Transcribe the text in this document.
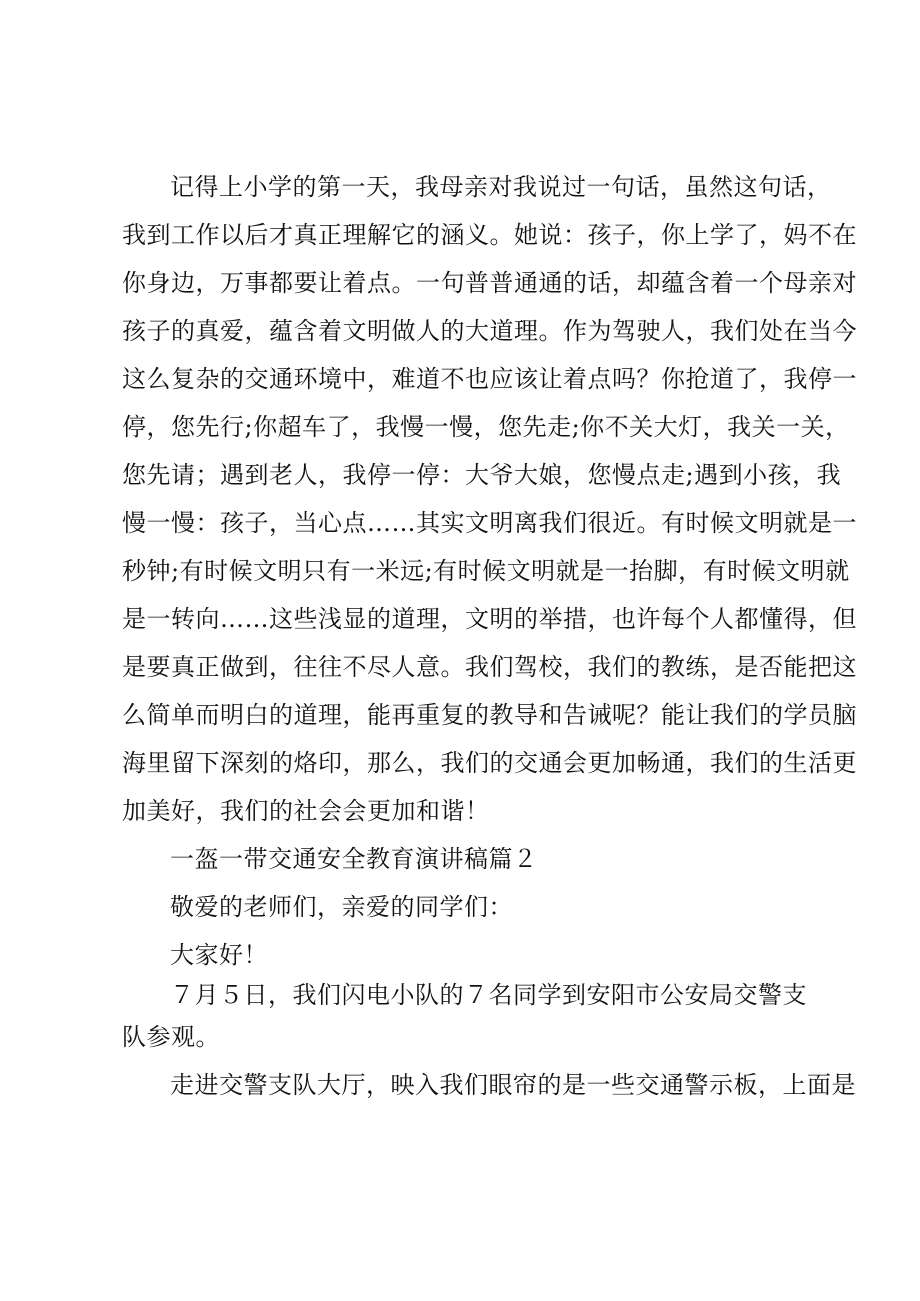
记得上小学的第一天，我母亲对我说过一句话，虽然这句话，
我到工作以后才真正理解它的涵义。她说：孩子，你上学了，妈不在
你身边，万事都要让着点。一句普普通通的话，却蕴含着一个母亲对
孩子的真爱，蕴含着文明做人的大道理。作为驾驶人，我们处在当今
这么复杂的交通环境中，难道不也应该让着点吗？你抢道了，我停一
停，您先行;你超车了，我慢一慢，您先走;你不关大灯，我关一关，
您先请；遇到老人，我停一停：大爷大娘，您慢点走;遇到小孩，我
慢一慢：孩子，当心点……其实文明离我们很近。有时候文明就是一
秒钟;有时候文明只有一米远;有时候文明就是一抬脚，有时候文明就
是一转向……这些浅显的道理，文明的举措，也许每个人都懂得，但
是要真正做到，往往不尽人意。我们驾校，我们的教练，是否能把这
么简单而明白的道理，能再重复的教导和告诫呢？能让我们的学员脑
海里留下深刻的烙印，那么，我们的交通会更加畅通，我们的生活更
加美好，我们的社会会更加和谐！
一盔一带交通安全教育演讲稿篇２
敬爱的老师们，亲爱的同学们：
大家好！
７月５日，我们闪电小队的７名同学到安阳市公安局交警支
队参观。
走进交警支队大厅，映入我们眼帘的是一些交通警示板，上面是
